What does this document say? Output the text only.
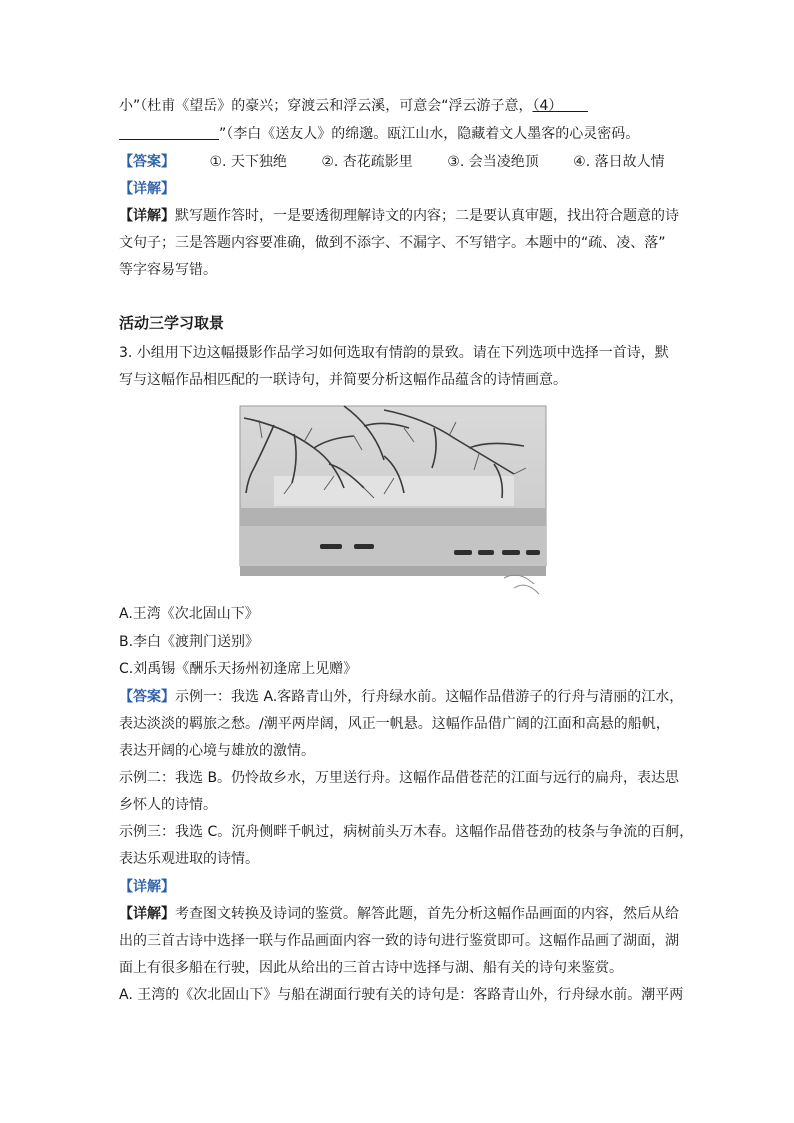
小”（杜甫《望岳》的豪兴；穿渡云和浮云溪，可意会“浮云游子意，（4）
”（李白《送友人》的绵邈。瓯江山水，隐藏着文人墨客的心灵密码。
【答案】 ①. 天下独绝 ②. 杏花疏影里 ③. 会当凌绝顶 ④. 落日故人情
【详解】
【详解】默写题作答时，一是要透彻理解诗文的内容；二是要认真审题，找出符合题意的诗
文句子；三是答题内容要准确，做到不添字、不漏字、不写错字。本题中的“疏、凌、落”
等字容易写错。
活动三学习取景
3. 小组用下边这幅摄影作品学习如何选取有情韵的景致。请在下列选项中选择一首诗，默
写与这幅作品相匹配的一联诗句，并简要分析这幅作品蕴含的诗情画意。
A.王湾《次北固山下》
B.李白《渡荆门送别》
C.刘禹锡《酬乐天扬州初逢席上见赠》
【答案】示例一：我选 A.客路青山外，行舟绿水前。这幅作品借游子的行舟与清丽的江水，
表达淡淡的羁旅之愁。/潮平两岸阔，风正一帆悬。这幅作品借广阔的江面和高悬的船帆，
表达开阔的心境与雄放的激情。
示例二：我选 B。仍怜故乡水，万里送行舟。这幅作品借苍茫的江面与远行的扁舟，表达思
乡怀人的诗情。
示例三：我选 C。沉舟侧畔千帆过，病树前头万木春。这幅作品借苍劲的枝条与争流的百舸，
表达乐观进取的诗情。
【详解】
【详解】考查图文转换及诗词的鉴赏。解答此题，首先分析这幅作品画面的内容，然后从给
出的三首古诗中选择一联与作品画面内容一致的诗句进行鉴赏即可。这幅作品画了湖面，湖
面上有很多船在行驶，因此从给出的三首古诗中选择与湖、船有关的诗句来鉴赏。
A. 王湾的《次北固山下》与船在湖面行驶有关的诗句是：客路青山外，行舟绿水前。潮平两
